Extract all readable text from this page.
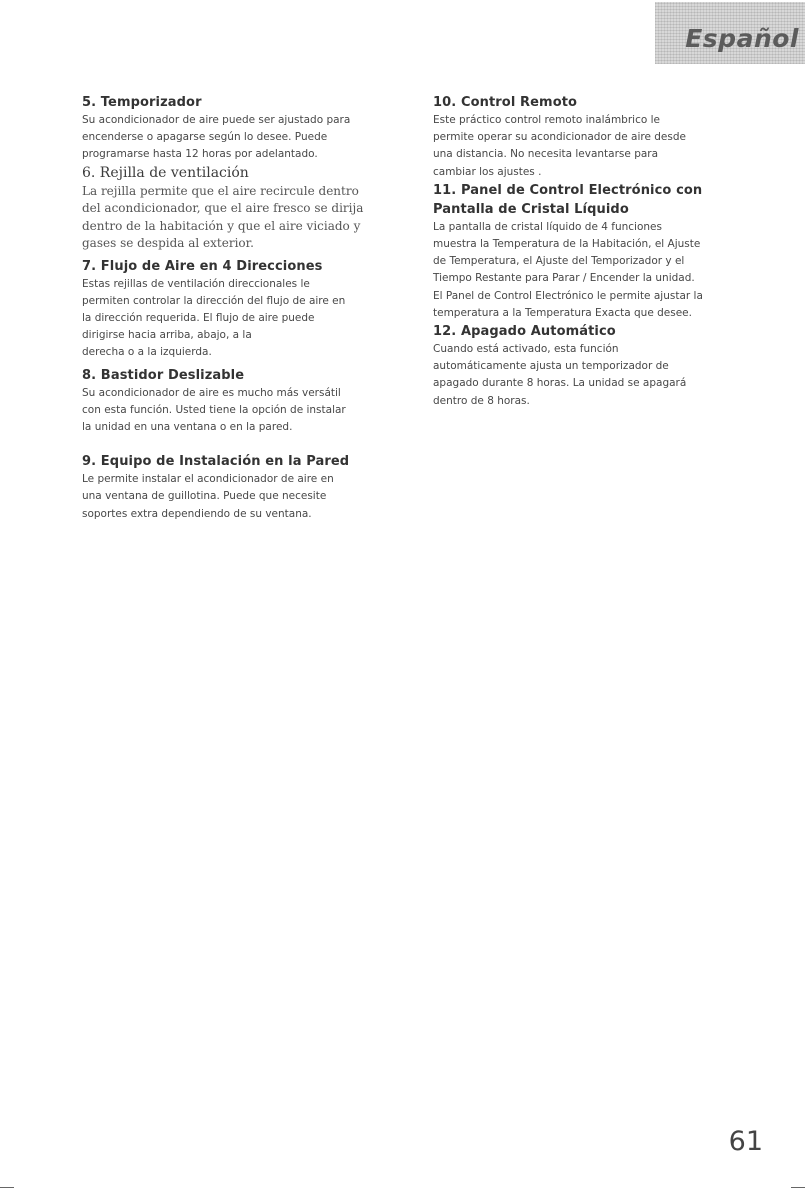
Español

5. Temporizador

Su acondicionador de aire puede ser ajustado para

encenderse o apagarse según lo desee. Puede

programarse hasta 12 horas por adelantado.

6. Rejilla de ventilación

La rejilla permite que el aire recircule dentro

del acondicionador, que el aire fresco se dirija

dentro de la habitación y que el aire viciado y

gases se despida al exterior.

7. Flujo de Aire en 4 Direcciones

Estas rejillas de ventilación direccionales le

permiten controlar la dirección del flujo de aire en

la dirección requerida. El flujo de aire puede

dirigirse hacia arriba, abajo, a la

derecha o a la izquierda.

8. Bastidor Deslizable

Su acondicionador de aire es mucho más versátil

con esta función. Usted tiene la opción de instalar

la unidad en una ventana o en la pared.

9. Equipo de Instalación en la Pared

Le permite instalar el acondicionador de aire en

una ventana de guillotina. Puede que necesite

soportes extra dependiendo de su ventana.

10. Control Remoto

Este práctico control remoto inalámbrico le

permite operar su acondicionador de aire desde

una distancia. No necesita levantarse para

cambiar los ajustes .

11. Panel de Control Electrónico con

Pantalla de Cristal Líquido

La pantalla de cristal líquido de 4 funciones

muestra la Temperatura de la Habitación, el Ajuste

de Temperatura, el Ajuste del Temporizador y el

Tiempo Restante para Parar / Encender la unidad.

El Panel de Control Electrónico le permite ajustar la

temperatura a la Temperatura Exacta que desee.

12. Apagado Automático

Cuando está activado, esta función

automáticamente ajusta un temporizador de

apagado durante 8 horas. La unidad se apagará

dentro de 8 horas.

61
